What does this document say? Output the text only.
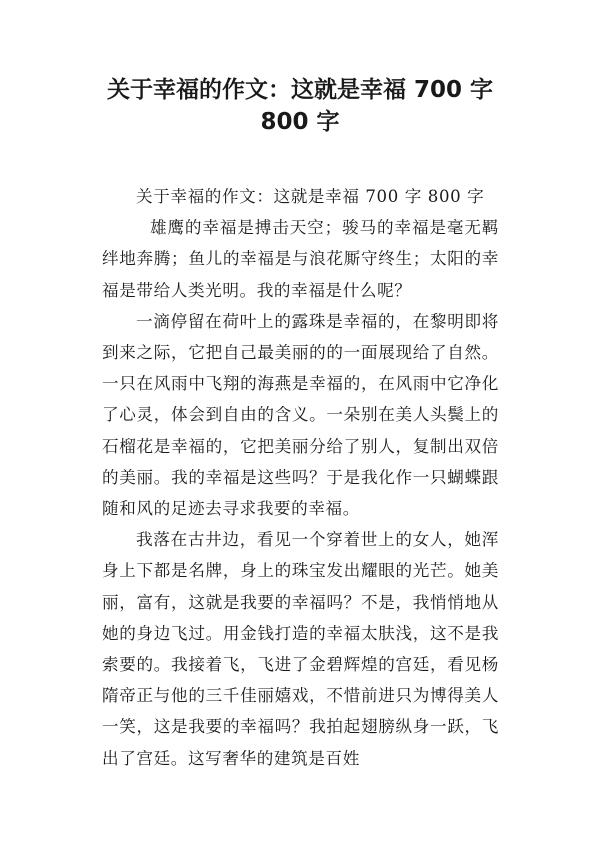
关于幸福的作文：这就是幸福 700 字
800 字

关于幸福的作文：这就是幸福 700 字 800 字

雄鹰的幸福是搏击天空；骏马的幸福是毫无羁绊地奔腾；鱼儿的幸福是与浪花厮守终生；太阳的幸福是带给人类光明。我的幸福是什么呢？

一滴停留在荷叶上的露珠是幸福的，在黎明即将到来之际，它把自己最美丽的的一面展现给了自然。一只在风雨中飞翔的海燕是幸福的，在风雨中它净化了心灵，体会到自由的含义。一朵别在美人头鬓上的石榴花是幸福的，它把美丽分给了别人，复制出双倍的美丽。我的幸福是这些吗？于是我化作一只蝴蝶跟随和风的足迹去寻求我要的幸福。

我落在古井边，看见一个穿着世上的女人，她浑身上下都是名牌，身上的珠宝发出耀眼的光芒。她美丽，富有，这就是我要的幸福吗？不是，我悄悄地从她的身边飞过。用金钱打造的幸福太肤浅，这不是我索要的。我接着飞，飞进了金碧辉煌的宫廷，看见杨隋帝正与他的三千佳丽嬉戏，不惜前进只为博得美人一笑，这是我要的幸福吗？我拍起翅膀纵身一跃，飞出了宫廷。这写奢华的建筑是百姓
